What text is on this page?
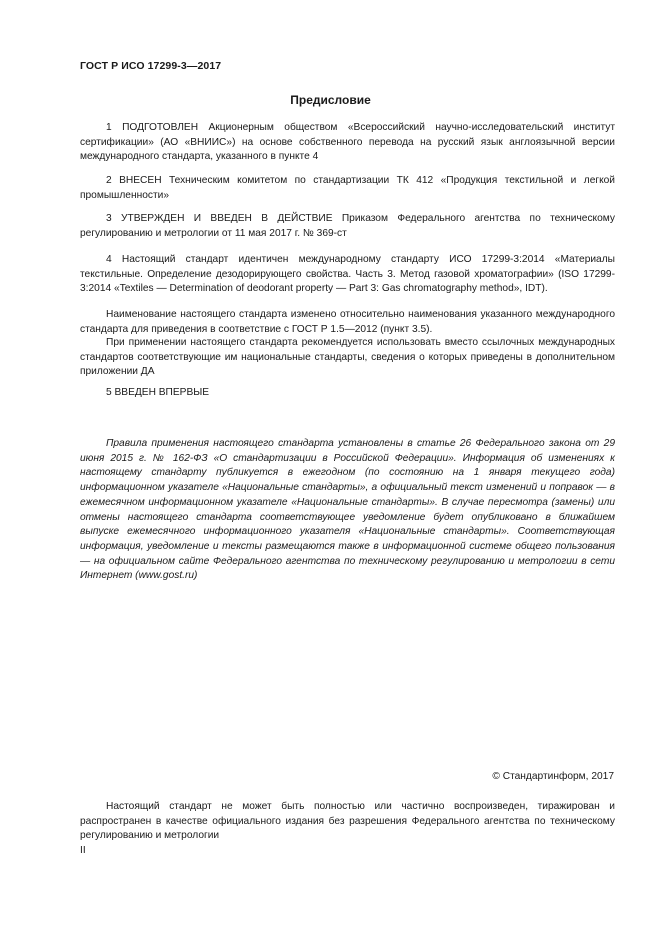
ГОСТ Р ИСО 17299-3—2017
Предисловие

1 ПОДГОТОВЛЕН Акционерным обществом «Всероссийский научно-исследовательский институт сертификации» (АО «ВНИИС») на основе собственного перевода на русский язык англоязычной версии международного стандарта, указанного в пункте 4

2 ВНЕСЕН Техническим комитетом по стандартизации ТК 412 «Продукция текстильной и легкой промышленности»

3 УТВЕРЖДЕН И ВВЕДЕН В ДЕЙСТВИЕ Приказом Федерального агентства по техническому регулированию и метрологии от 11 мая 2017 г. № 369-ст

4 Настоящий стандарт идентичен международному стандарту ИСО 17299-3:2014 «Материалы текстильные. Определение дезодорирующего свойства. Часть 3. Метод газовой хроматографии» (ISO 17299-3:2014 «Textiles — Determination of deodorant property — Part 3: Gas chromatography method», IDT).

Наименование настоящего стандарта изменено относительно наименования указанного международного стандарта для приведения в соответствие с ГОСТ Р 1.5—2012 (пункт 3.5).

При применении настоящего стандарта рекомендуется использовать вместо ссылочных международных стандартов соответствующие им национальные стандарты, сведения о которых приведены в дополнительном приложении ДА

5 ВВЕДЕН ВПЕРВЫЕ

Правила применения настоящего стандарта установлены в статье 26 Федерального закона от 29 июня 2015 г. № 162-ФЗ «О стандартизации в Российской Федерации». Информация об изменениях к настоящему стандарту публикуется в ежегодном (по состоянию на 1 января текущего года) информационном указателе «Национальные стандарты», а официальный текст изменений и поправок — в ежемесячном информационном указателе «Национальные стандарты». В случае пересмотра (замены) или отмены настоящего стандарта соответствующее уведомление будет опубликовано в ближайшем выпуске ежемесячного информационного указателя «Национальные стандарты». Соответствующая информация, уведомление и тексты размещаются также в информационной системе общего пользования — на официальном сайте Федерального агентства по техническому регулированию и метрологии в сети Интернет (www.gost.ru)

© Стандартинформ, 2017

Настоящий стандарт не может быть полностью или частично воспроизведен, тиражирован и распространен в качестве официального издания без разрешения Федерального агентства по техническому регулированию и метрологии

II
